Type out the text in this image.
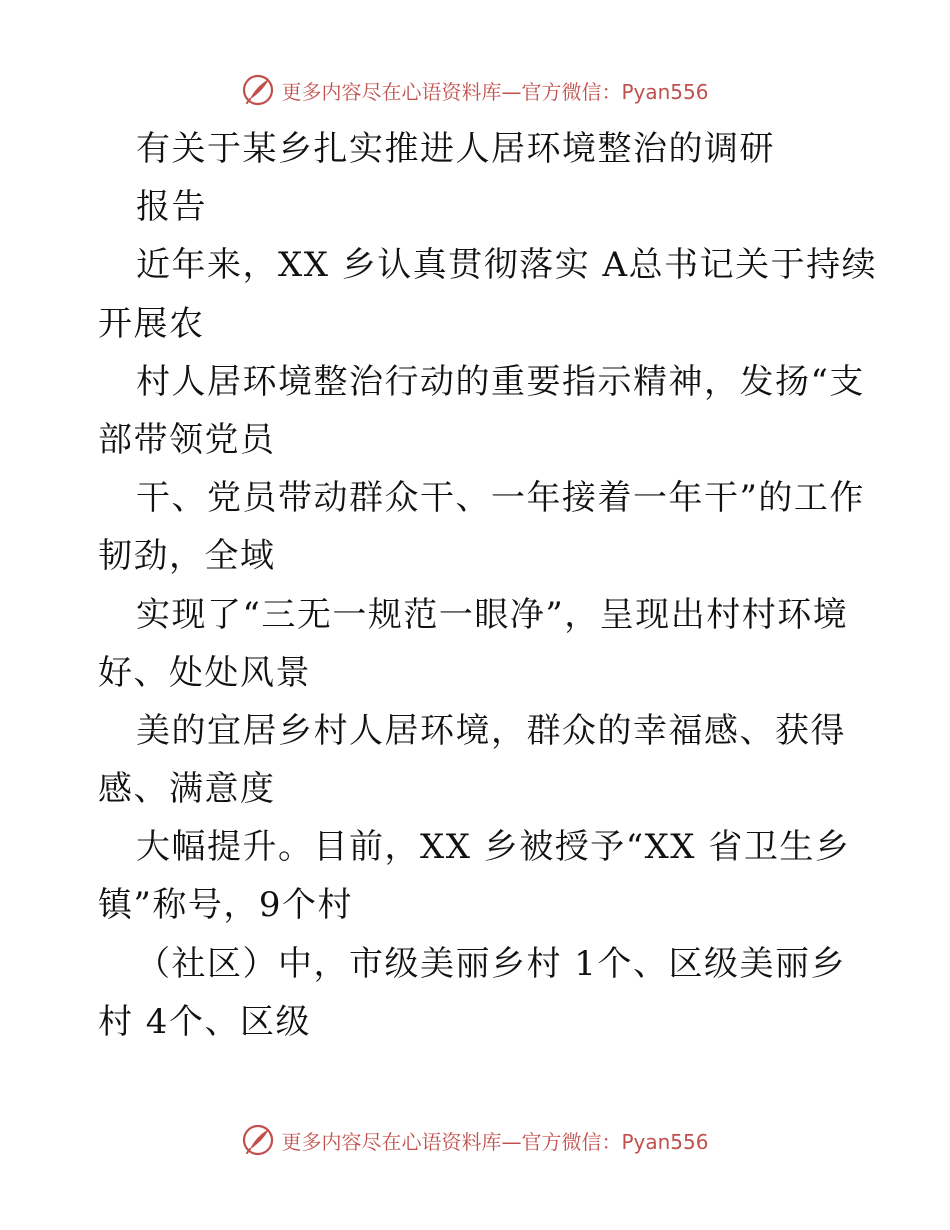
更多内容尽在心语资料库—官方微信：Pyan556
有关于某乡扎实推进人居环境整治的调研
报告
近年来，XX 乡认真贯彻落实 A总书记关于持续
开展农
村人居环境整治行动的重要指示精神，发扬“支
部带领党员
干、党员带动群众干、一年接着一年干”的工作
韧劲，全域
实现了“三无一规范一眼净”，呈现出村村环境
好、处处风景
美的宜居乡村人居环境，群众的幸福感、获得
感、满意度
大幅提升。目前，XX 乡被授予“XX 省卫生乡
镇”称号，9个村
（社区）中，市级美丽乡村 1个、区级美丽乡
村 4个、区级
更多内容尽在心语资料库—官方微信：Pyan556
